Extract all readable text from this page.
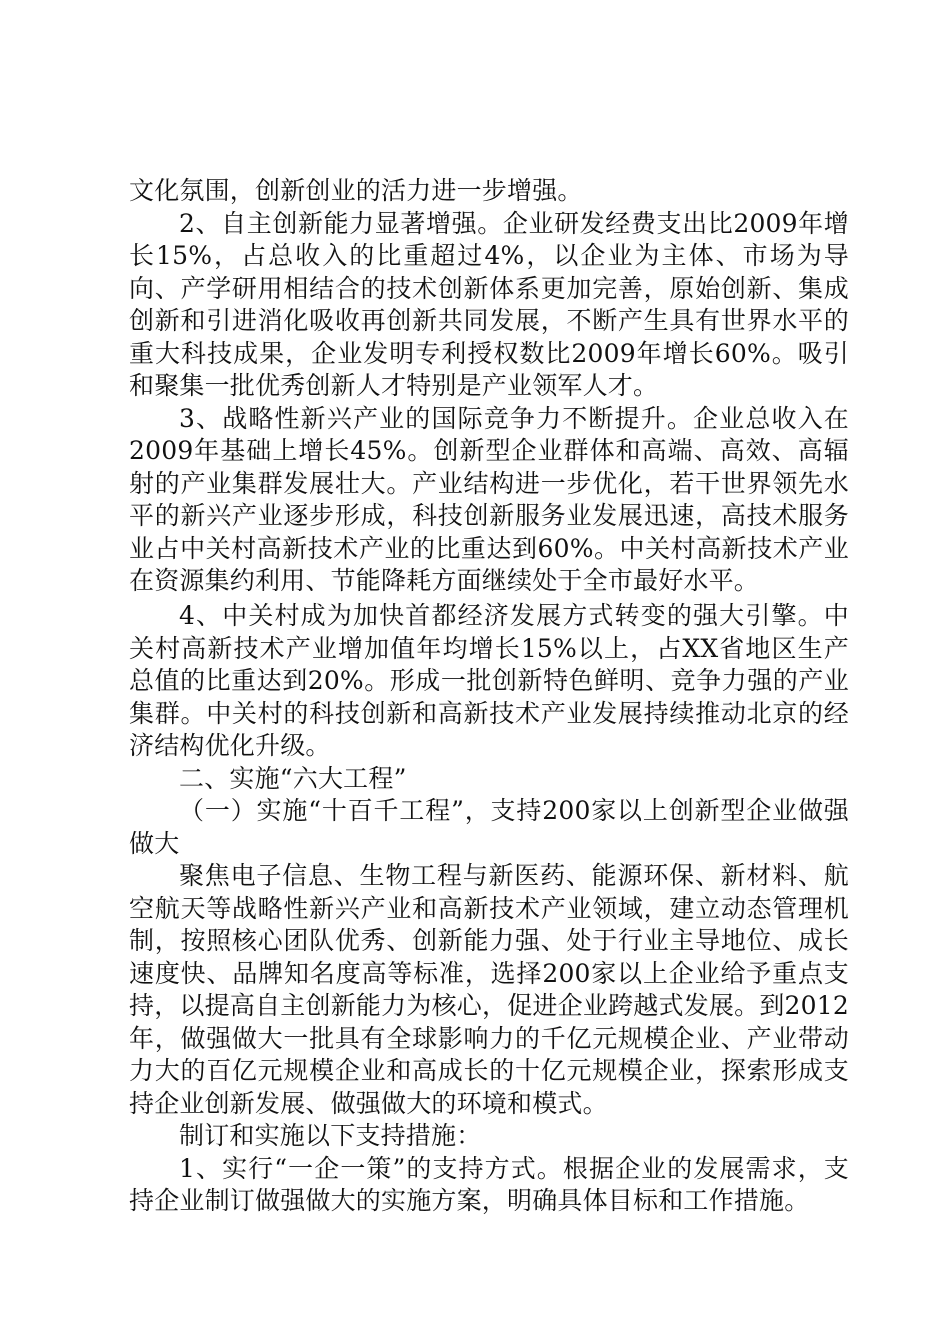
文化氛围，创新创业的活力进一步增强。

2、自主创新能力显著增强。企业研发经费支出比2009年增长15%，占总收入的比重超过4%，以企业为主体、市场为导向、产学研用相结合的技术创新体系更加完善，原始创新、集成创新和引进消化吸收再创新共同发展，不断产生具有世界水平的重大科技成果，企业发明专利授权数比2009年增长60%。吸引和聚集一批优秀创新人才特别是产业领军人才。

3、战略性新兴产业的国际竞争力不断提升。企业总收入在2009年基础上增长45%。创新型企业群体和高端、高效、高辐射的产业集群发展壮大。产业结构进一步优化，若干世界领先水平的新兴产业逐步形成，科技创新服务业发展迅速，高技术服务业占中关村高新技术产业的比重达到60%。中关村高新技术产业在资源集约利用、节能降耗方面继续处于全市最好水平。

4、中关村成为加快首都经济发展方式转变的强大引擎。中关村高新技术产业增加值年均增长15%以上，占XX省地区生产总值的比重达到20%。形成一批创新特色鲜明、竞争力强的产业集群。中关村的科技创新和高新技术产业发展持续推动北京的经济结构优化升级。

二、实施“六大工程”

（一）实施“十百千工程”，支持200家以上创新型企业做强做大

聚焦电子信息、生物工程与新医药、能源环保、新材料、航空航天等战略性新兴产业和高新技术产业领域，建立动态管理机制，按照核心团队优秀、创新能力强、处于行业主导地位、成长速度快、品牌知名度高等标准，选择200家以上企业给予重点支持，以提高自主创新能力为核心，促进企业跨越式发展。到2012年，做强做大一批具有全球影响力的千亿元规模企业、产业带动力大的百亿元规模企业和高成长的十亿元规模企业，探索形成支持企业创新发展、做强做大的环境和模式。

制订和实施以下支持措施：

1、实行“一企一策”的支持方式。根据企业的发展需求，支持企业制订做强做大的实施方案，明确具体目标和工作措施。
